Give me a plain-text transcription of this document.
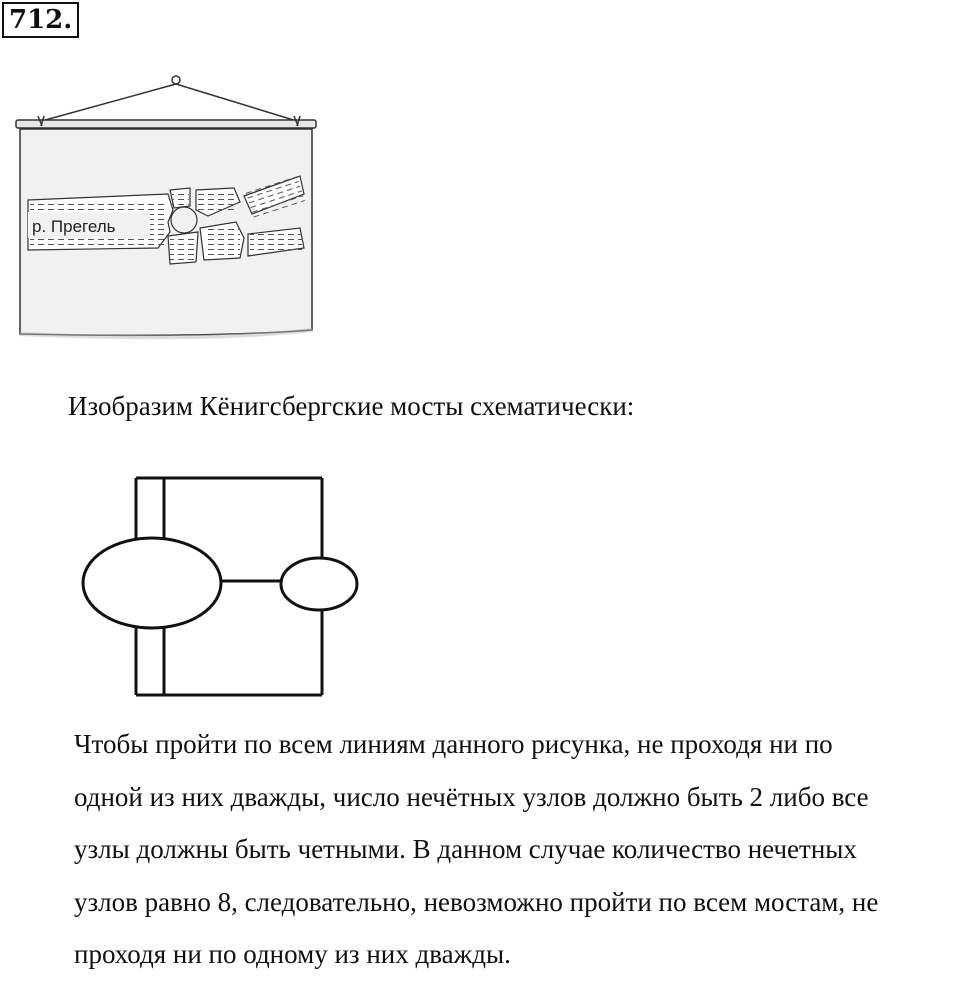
712.
р. Прегель
Изобразим Кёнигсбергские мосты схематически:
Чтобы пройти по всем линиям данного рисунка, не проходя ни по
одной из них дважды, число нечётных узлов должно быть 2 либо все
узлы должны быть четными. В данном случае количество нечетных
узлов равно 8, следовательно, невозможно пройти по всем мостам, не
проходя ни по одному из них дважды.
